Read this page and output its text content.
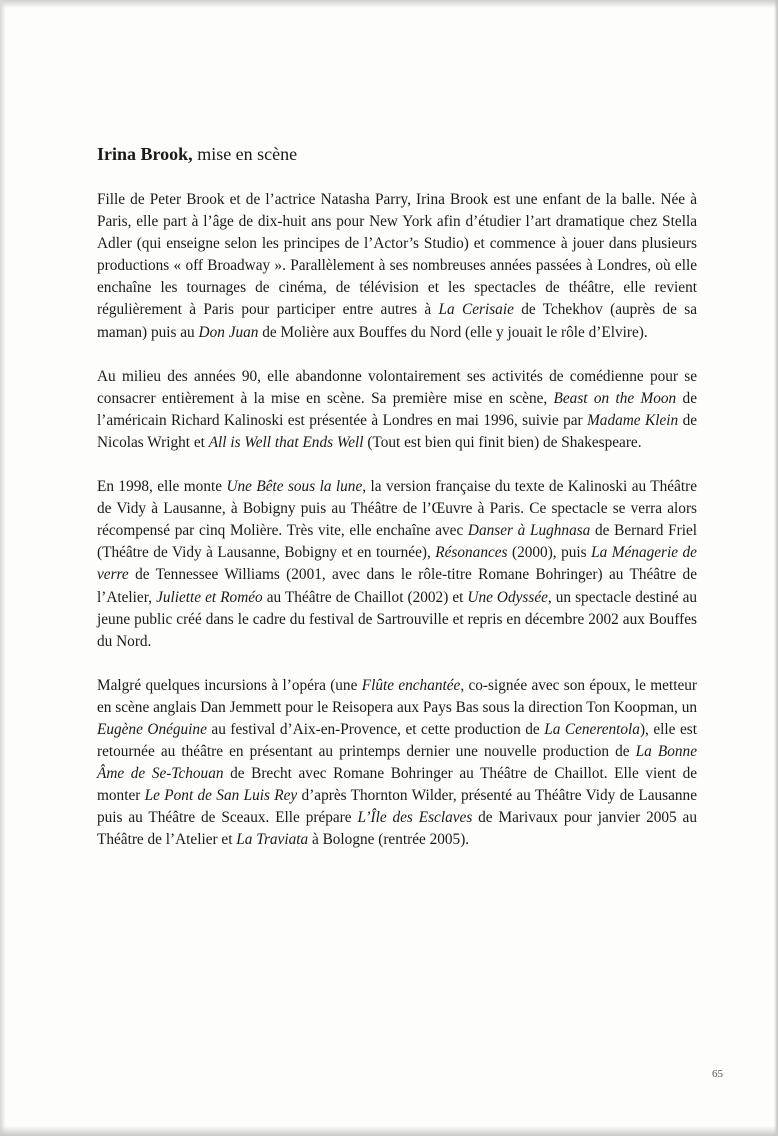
Irina Brook, mise en scène

Fille de Peter Brook et de l’actrice Natasha Parry, Irina Brook est une enfant de la balle. Née à Paris, elle part à l’âge de dix-huit ans pour New York afin d’étudier l’art dramatique chez Stella Adler (qui enseigne selon les principes de l’Actor’s Studio) et commence à jouer dans plusieurs productions « off Broadway ». Parallèlement à ses nombreuses années passées à Londres, où elle enchaîne les tournages de cinéma, de télévision et les spectacles de théâtre, elle revient régulièrement à Paris pour participer entre autres à La Cerisaie de Tchekhov (auprès de sa maman) puis au Don Juan de Molière aux Bouffes du Nord (elle y jouait le rôle d’Elvire).

Au milieu des années 90, elle abandonne volontairement ses activités de comédienne pour se consacrer entièrement à la mise en scène. Sa première mise en scène, Beast on the Moon de l’américain Richard Kalinoski est présentée à Londres en mai 1996, suivie par Madame Klein de Nicolas Wright et All is Well that Ends Well (Tout est bien qui finit bien) de Shakespeare.

En 1998, elle monte Une Bête sous la lune, la version française du texte de Kalinoski au Théâtre de Vidy à Lausanne, à Bobigny puis au Théâtre de l’Œuvre à Paris. Ce spectacle se verra alors récompensé par cinq Molière. Très vite, elle enchaîne avec Danser à Lughnasa de Bernard Friel (Théâtre de Vidy à Lausanne, Bobigny et en tournée), Résonances (2000), puis La Ménagerie de verre de Tennessee Williams (2001, avec dans le rôle-titre Romane Bohringer) au Théâtre de l’Atelier, Juliette et Roméo au Théâtre de Chaillot (2002) et Une Odyssée, un spectacle destiné au jeune public créé dans le cadre du festival de Sartrouville et repris en décembre 2002 aux Bouffes du Nord.

Malgré quelques incursions à l’opéra (une Flûte enchantée, co-signée avec son époux, le metteur en scène anglais Dan Jemmett pour le Reisopera aux Pays Bas sous la direction Ton Koopman, un Eugène Onéguine au festival d’Aix-en-Provence, et cette production de La Cenerentola), elle est retournée au théâtre en présentant au printemps dernier une nouvelle production de La Bonne Âme de Se-Tchouan de Brecht avec Romane Bohringer au Théâtre de Chaillot. Elle vient de monter Le Pont de San Luis Rey d’après Thornton Wilder, présenté au Théâtre Vidy de Lausanne puis au Théâtre de Sceaux. Elle prépare L’Île des Esclaves de Marivaux pour janvier 2005 au Théâtre de l’Atelier et La Traviata à Bologne (rentrée 2005).

65
